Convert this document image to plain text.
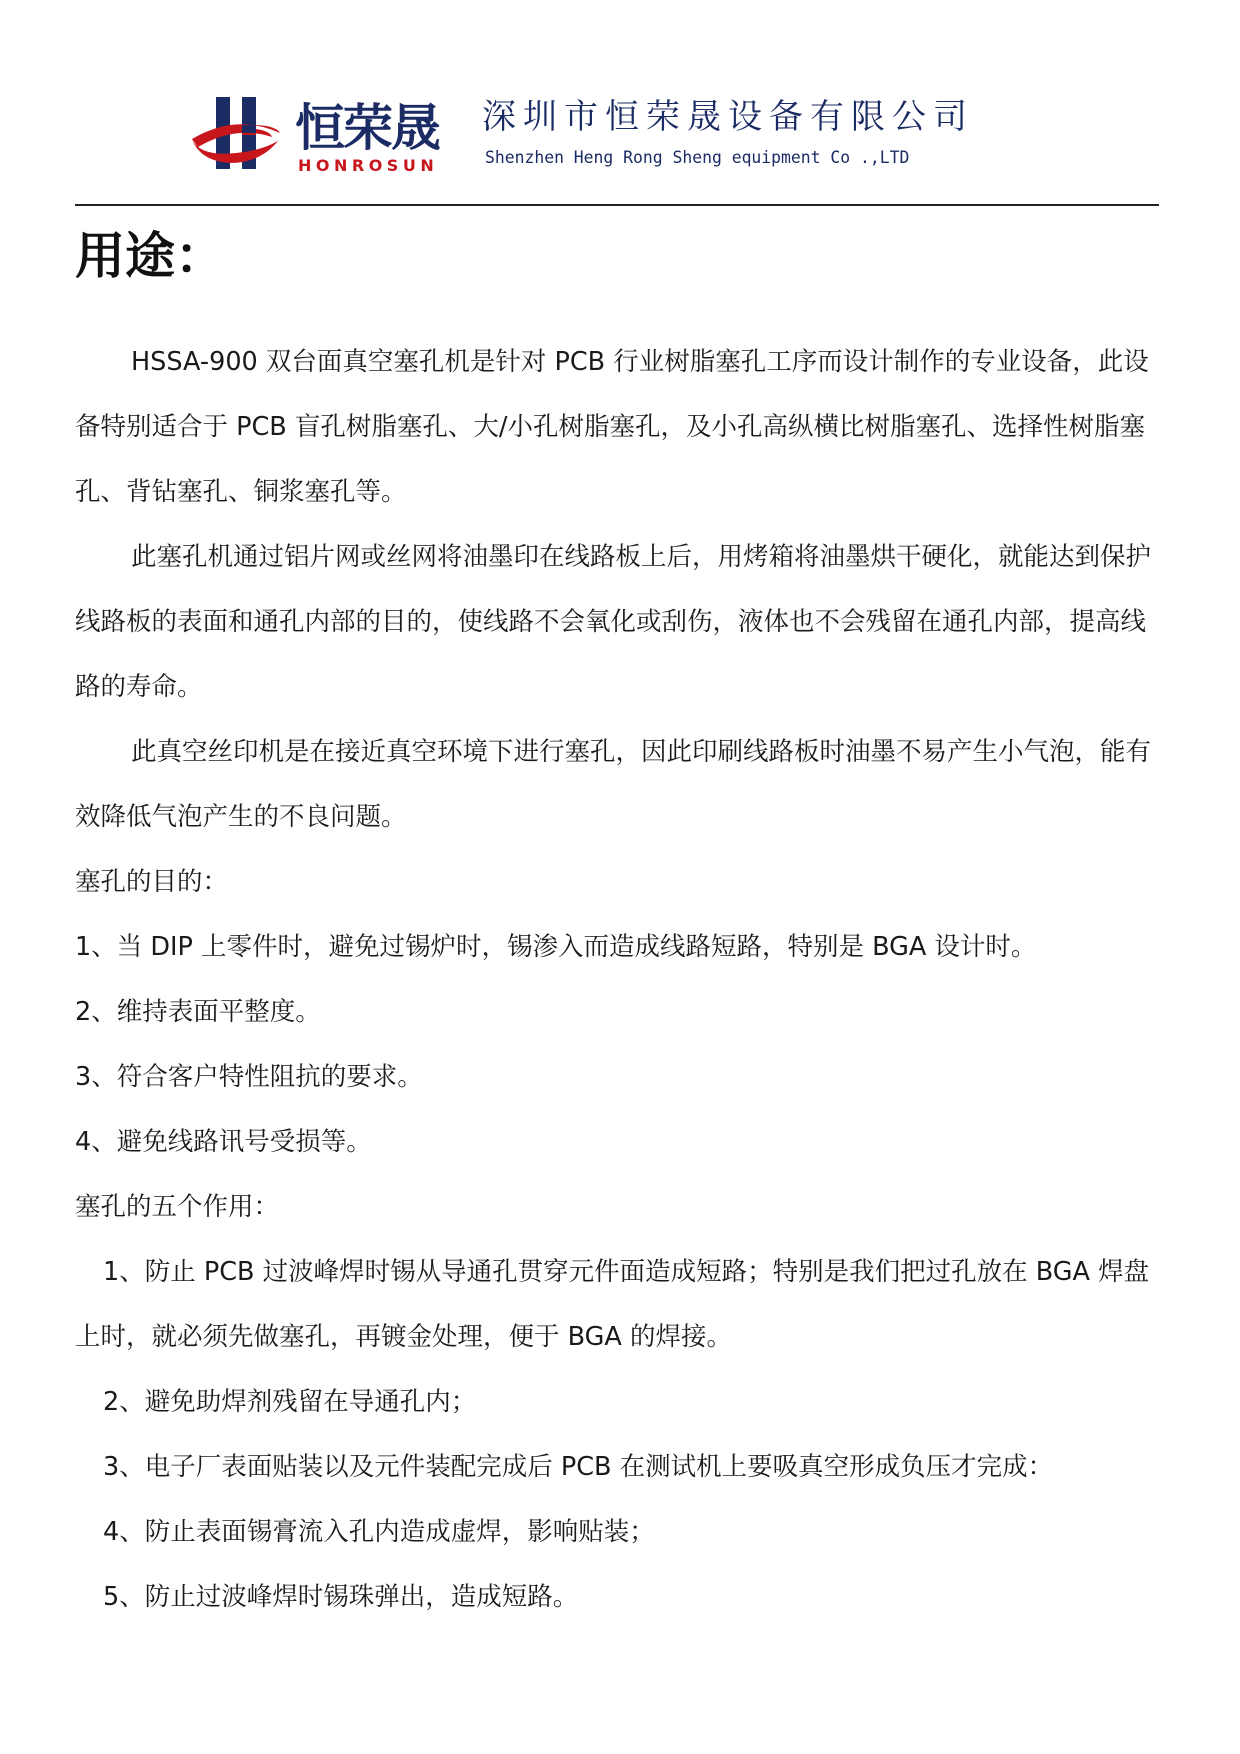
恒荣晟
HONROSUN
深圳市恒荣晟设备有限公司
Shenzhen Heng Rong Sheng equipment Co .,LTD
用途：

HSSA-900 双台面真空塞孔机是针对 PCB 行业树脂塞孔工序而设计制作的专业设备，此设备特别适合于 PCB 盲孔树脂塞孔、大/小孔树脂塞孔，及小孔高纵横比树脂塞孔、选择性树脂塞孔、背钻塞孔、铜浆塞孔等。

此塞孔机通过铝片网或丝网将油墨印在线路板上后，用烤箱将油墨烘干硬化，就能达到保护线路板的表面和通孔内部的目的，使线路不会氧化或刮伤，液体也不会残留在通孔内部，提高线路的寿命。

此真空丝印机是在接近真空环境下进行塞孔，因此印刷线路板时油墨不易产生小气泡，能有效降低气泡产生的不良问题。

塞孔的目的：

1、当 DIP 上零件时，避免过锡炉时，锡渗入而造成线路短路，特别是 BGA 设计时。

2、维持表面平整度。

3、符合客户特性阻抗的要求。

4、避免线路讯号受损等。

塞孔的五个作用：

1、防止 PCB 过波峰焊时锡从导通孔贯穿元件面造成短路；特别是我们把过孔放在 BGA 焊盘上时，就必须先做塞孔，再镀金处理，便于 BGA 的焊接。

2、避免助焊剂残留在导通孔内；

3、电子厂表面贴装以及元件装配完成后 PCB 在测试机上要吸真空形成负压才完成：

4、防止表面锡膏流入孔内造成虚焊，影响贴装；

5、防止过波峰焊时锡珠弹出，造成短路。
